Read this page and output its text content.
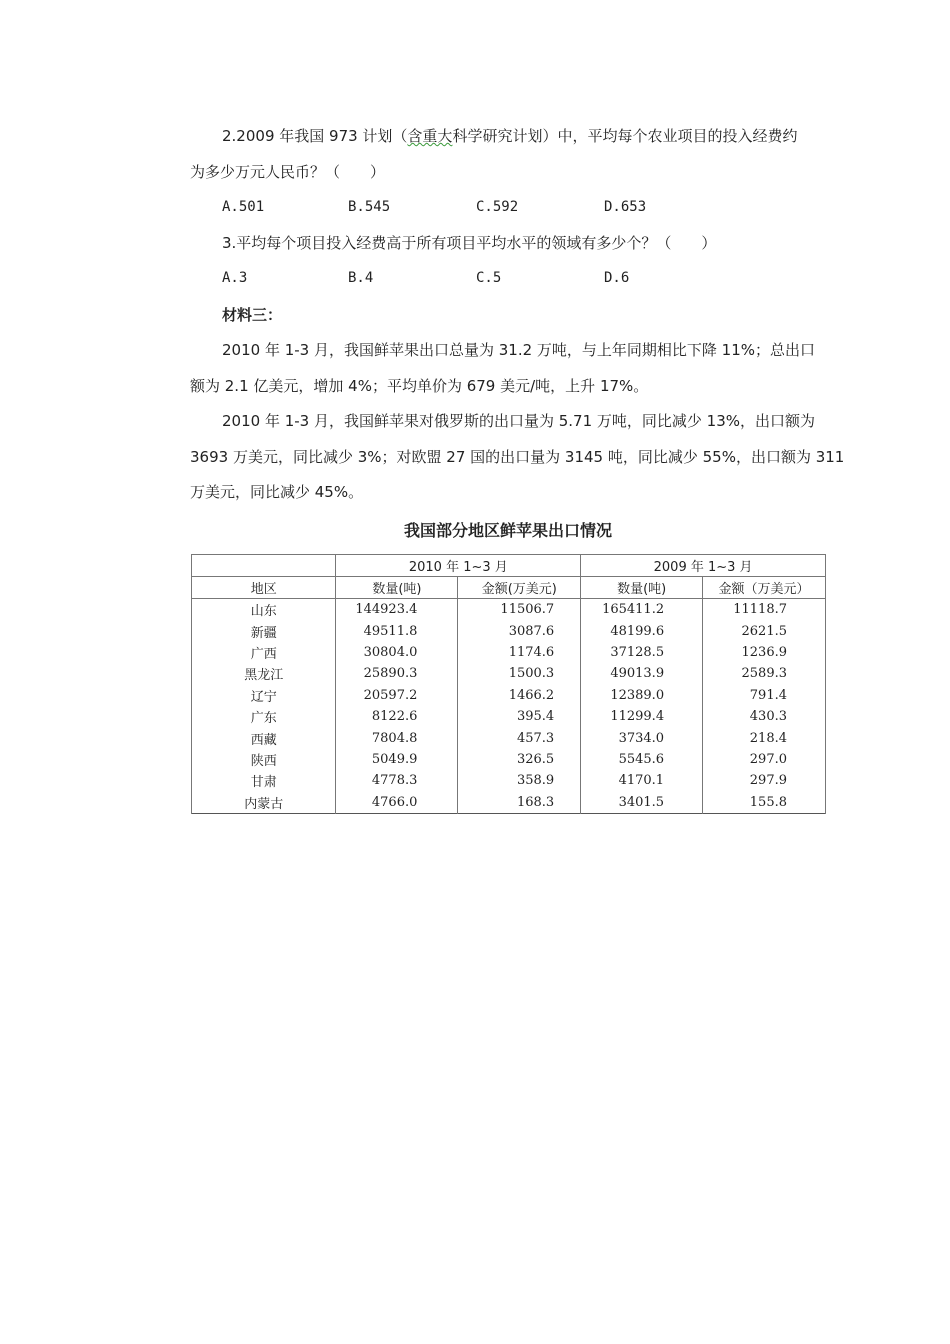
2.2009 年我国 973 计划（含重大科学研究计划）中，平均每个农业项目的投入经费约
为多少万元人民币？（　　）
A.501	B.545	C.592	D.653
3.平均每个项目投入经费高于所有项目平均水平的领域有多少个？（　　）
A.3	B.4	C.5	D.6
材料三：
2010 年 1-3 月，我国鲜苹果出口总量为 31.2 万吨，与上年同期相比下降 11%；总出口
额为 2.1 亿美元，增加 4%；平均单价为 679 美元/吨，上升 17%。
2010 年 1-3 月，我国鲜苹果对俄罗斯的出口量为 5.71 万吨，同比减少 13%，出口额为
3693 万美元，同比减少 3%；对欧盟 27 国的出口量为 3145 吨，同比减少 55%，出口额为 311
万美元，同比减少 45%。
我国部分地区鲜苹果出口情况
	2010 年 1~3 月		2009 年 1~3 月	
地区	数量(吨)	金额(万美元)	数量(吨)	金额（万美元）
山东	144923.4	11506.7	165411.2	11118.7
新疆	49511.8	3087.6	48199.6	2621.5
广西	30804.0	1174.6	37128.5	1236.9
黑龙江	25890.3	1500.3	49013.9	2589.3
辽宁	20597.2	1466.2	12389.0	791.4
广东	8122.6	395.4	11299.4	430.3
西藏	7804.8	457.3	3734.0	218.4
陕西	5049.9	326.5	5545.6	297.0
甘肃	4778.3	358.9	4170.1	297.9
内蒙古	4766.0	168.3	3401.5	155.8
